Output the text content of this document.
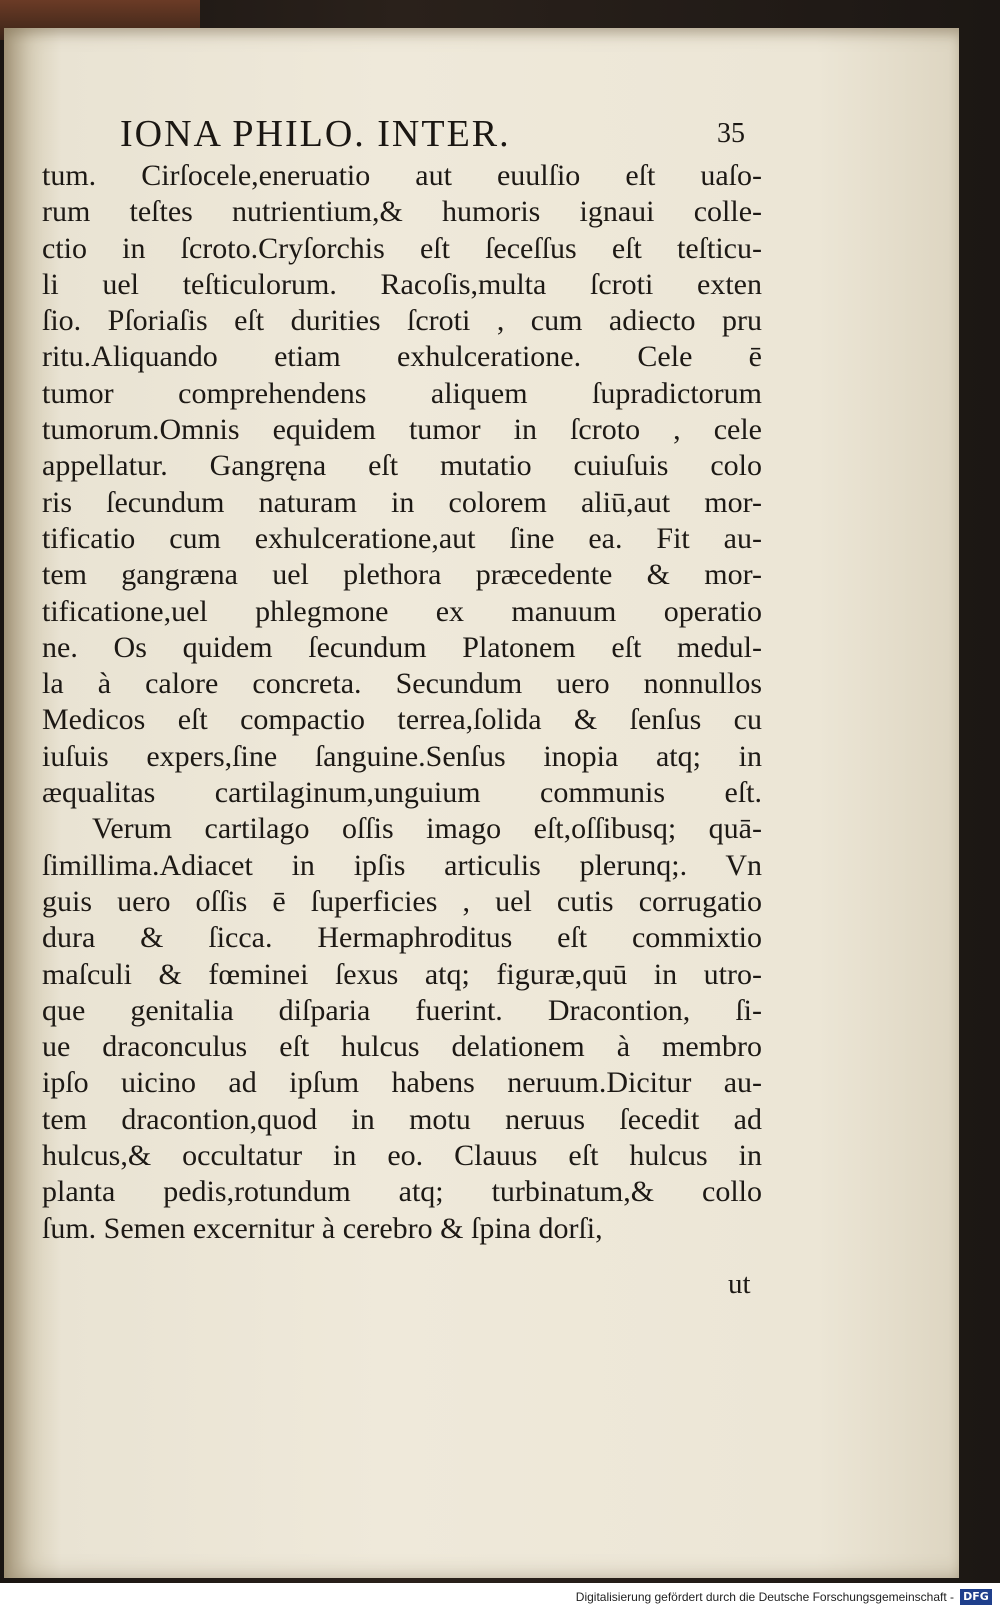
IONA PHILO. INTER.	35
tum. Cirſocele,eneruatio aut euulſio eſt uaſo-
rum teſtes nutrientium,& humoris ignaui colle-
ctio in ſcroto.Cryſorchis eſt ſeceſſus eſt teſticu-
li uel teſticulorum. Racoſis,multa ſcroti exten
ſio. Pſoriaſis eſt durities ſcroti , cum adiecto pru
ritu.Aliquando etiam exhulceratione. Cele ē
tumor comprehendens aliquem ſupradictorum
tumorum.Omnis equidem tumor in ſcroto , cele
appellatur. Gangręna eſt mutatio cuiuſuis colo
ris ſecundum naturam in colorem aliū,aut mor-
tificatio cum exhulceratione,aut ſine ea. Fit au-
tem gangræna uel plethora præcedente & mor-
tificatione,uel phlegmone ex manuum operatio
ne. Os quidem ſecundum Platonem eſt medul-
la à calore concreta. Secundum uero nonnullos
Medicos eſt compactio terrea,ſolida & ſenſus cu
iuſuis expers,ſine ſanguine.Senſus inopia atq; in
æqualitas cartilaginum,unguium communis eſt.
Verum cartilago oſſis imago eſt,oſſibusq; quā-
ſimillima.Adiacet in ipſis articulis plerunq;. Vn
guis uero oſſis ē ſuperficies , uel cutis corrugatio
dura & ſicca. Hermaphroditus eſt commixtio
maſculi & fœminei ſexus atq; figuræ,quū in utro-
que genitalia diſparia fuerint. Dracontion, ſi-
ue draconculus eſt hulcus delationem à membro
ipſo uicino ad ipſum habens neruum.Dicitur au-
tem dracontion,quod in motu neruus ſecedit ad
hulcus,& occultatur in eo. Clauus eſt hulcus in
planta pedis,rotundum atq; turbinatum,& collo
ſum. Semen excernitur à cerebro & ſpina dorſi,
ut
Digitalisierung gefördert durch die Deutsche Forschungsgemeinschaft - DFG
